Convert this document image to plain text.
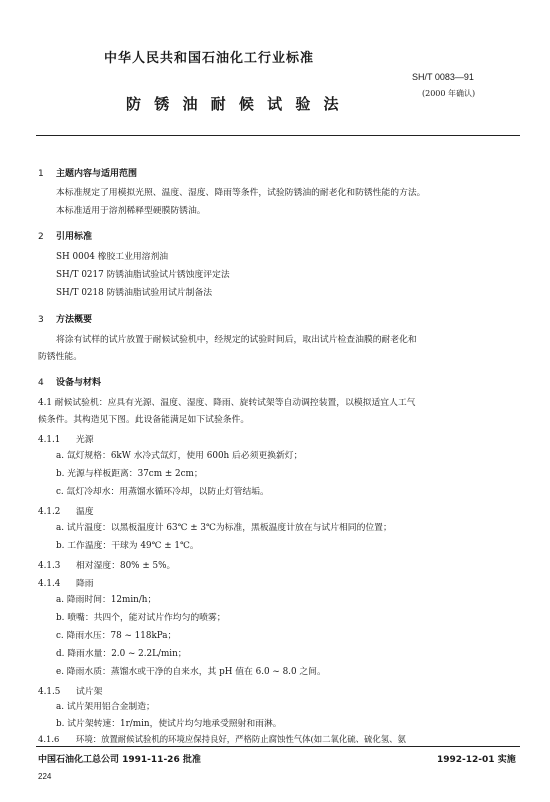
中华人民共和国石油化工行业标准
SH/T 0083—91
防 锈 油 耐 候 试 验 法
(2000 年确认)
1 主题内容与适用范围
本标准规定了用模拟光照、温度、湿度、降雨等条件，试验防锈油的耐老化和防锈性能的方法。
本标准适用于溶剂稀释型硬膜防锈油。
2 引用标准
SH 0004 橡胶工业用溶剂油
SH/T 0217 防锈油脂试验试片锈蚀度评定法
SH/T 0218 防锈油脂试验用试片制备法
3 方法概要
将涂有试样的试片放置于耐候试验机中，经规定的试验时间后，取出试片检查油膜的耐老化和
防锈性能。
4 设备与材料
4.1 耐候试验机：应具有光源、温度、湿度、降雨、旋转试架等自动调控装置，以模拟适宜人工气
候条件。其构造见下图。此设备能满足如下试验条件。
4.1.1 光源
a. 氙灯规格：6kW 水冷式氙灯，使用 600h 后必须更换新灯；
b. 光源与样板距离：37cm ± 2cm；
c. 氙灯冷却水：用蒸馏水循环冷却，以防止灯管结垢。
4.1.2 温度
a. 试片温度：以黑板温度计 63℃ ± 3℃为标准，黑板温度计放在与试片相同的位置；
b. 工作温度：干球为 49℃ ± 1℃。
4.1.3 相对湿度：80% ± 5%。
4.1.4 降雨
a. 降雨时间：12min/h；
b. 喷嘴：共四个，能对试片作均匀的喷雾；
c. 降雨水压：78 ~ 118kPa；
d. 降雨水量：2.0 ~ 2.2L/min；
e. 降雨水质：蒸馏水或干净的自来水，其 pH 值在 6.0 ~ 8.0 之间。
4.1.5 试片架
a. 试片架用铝合金制造；
b. 试片架转速：1r/min，使试片均匀地承受照射和雨淋。
4.1.6 环境：放置耐候试验机的环境应保持良好，严格防止腐蚀性气体(如二氧化硫、硫化氢、氨
中国石油化工总公司 1991-11-26 批准	1992-12-01 实施
224
